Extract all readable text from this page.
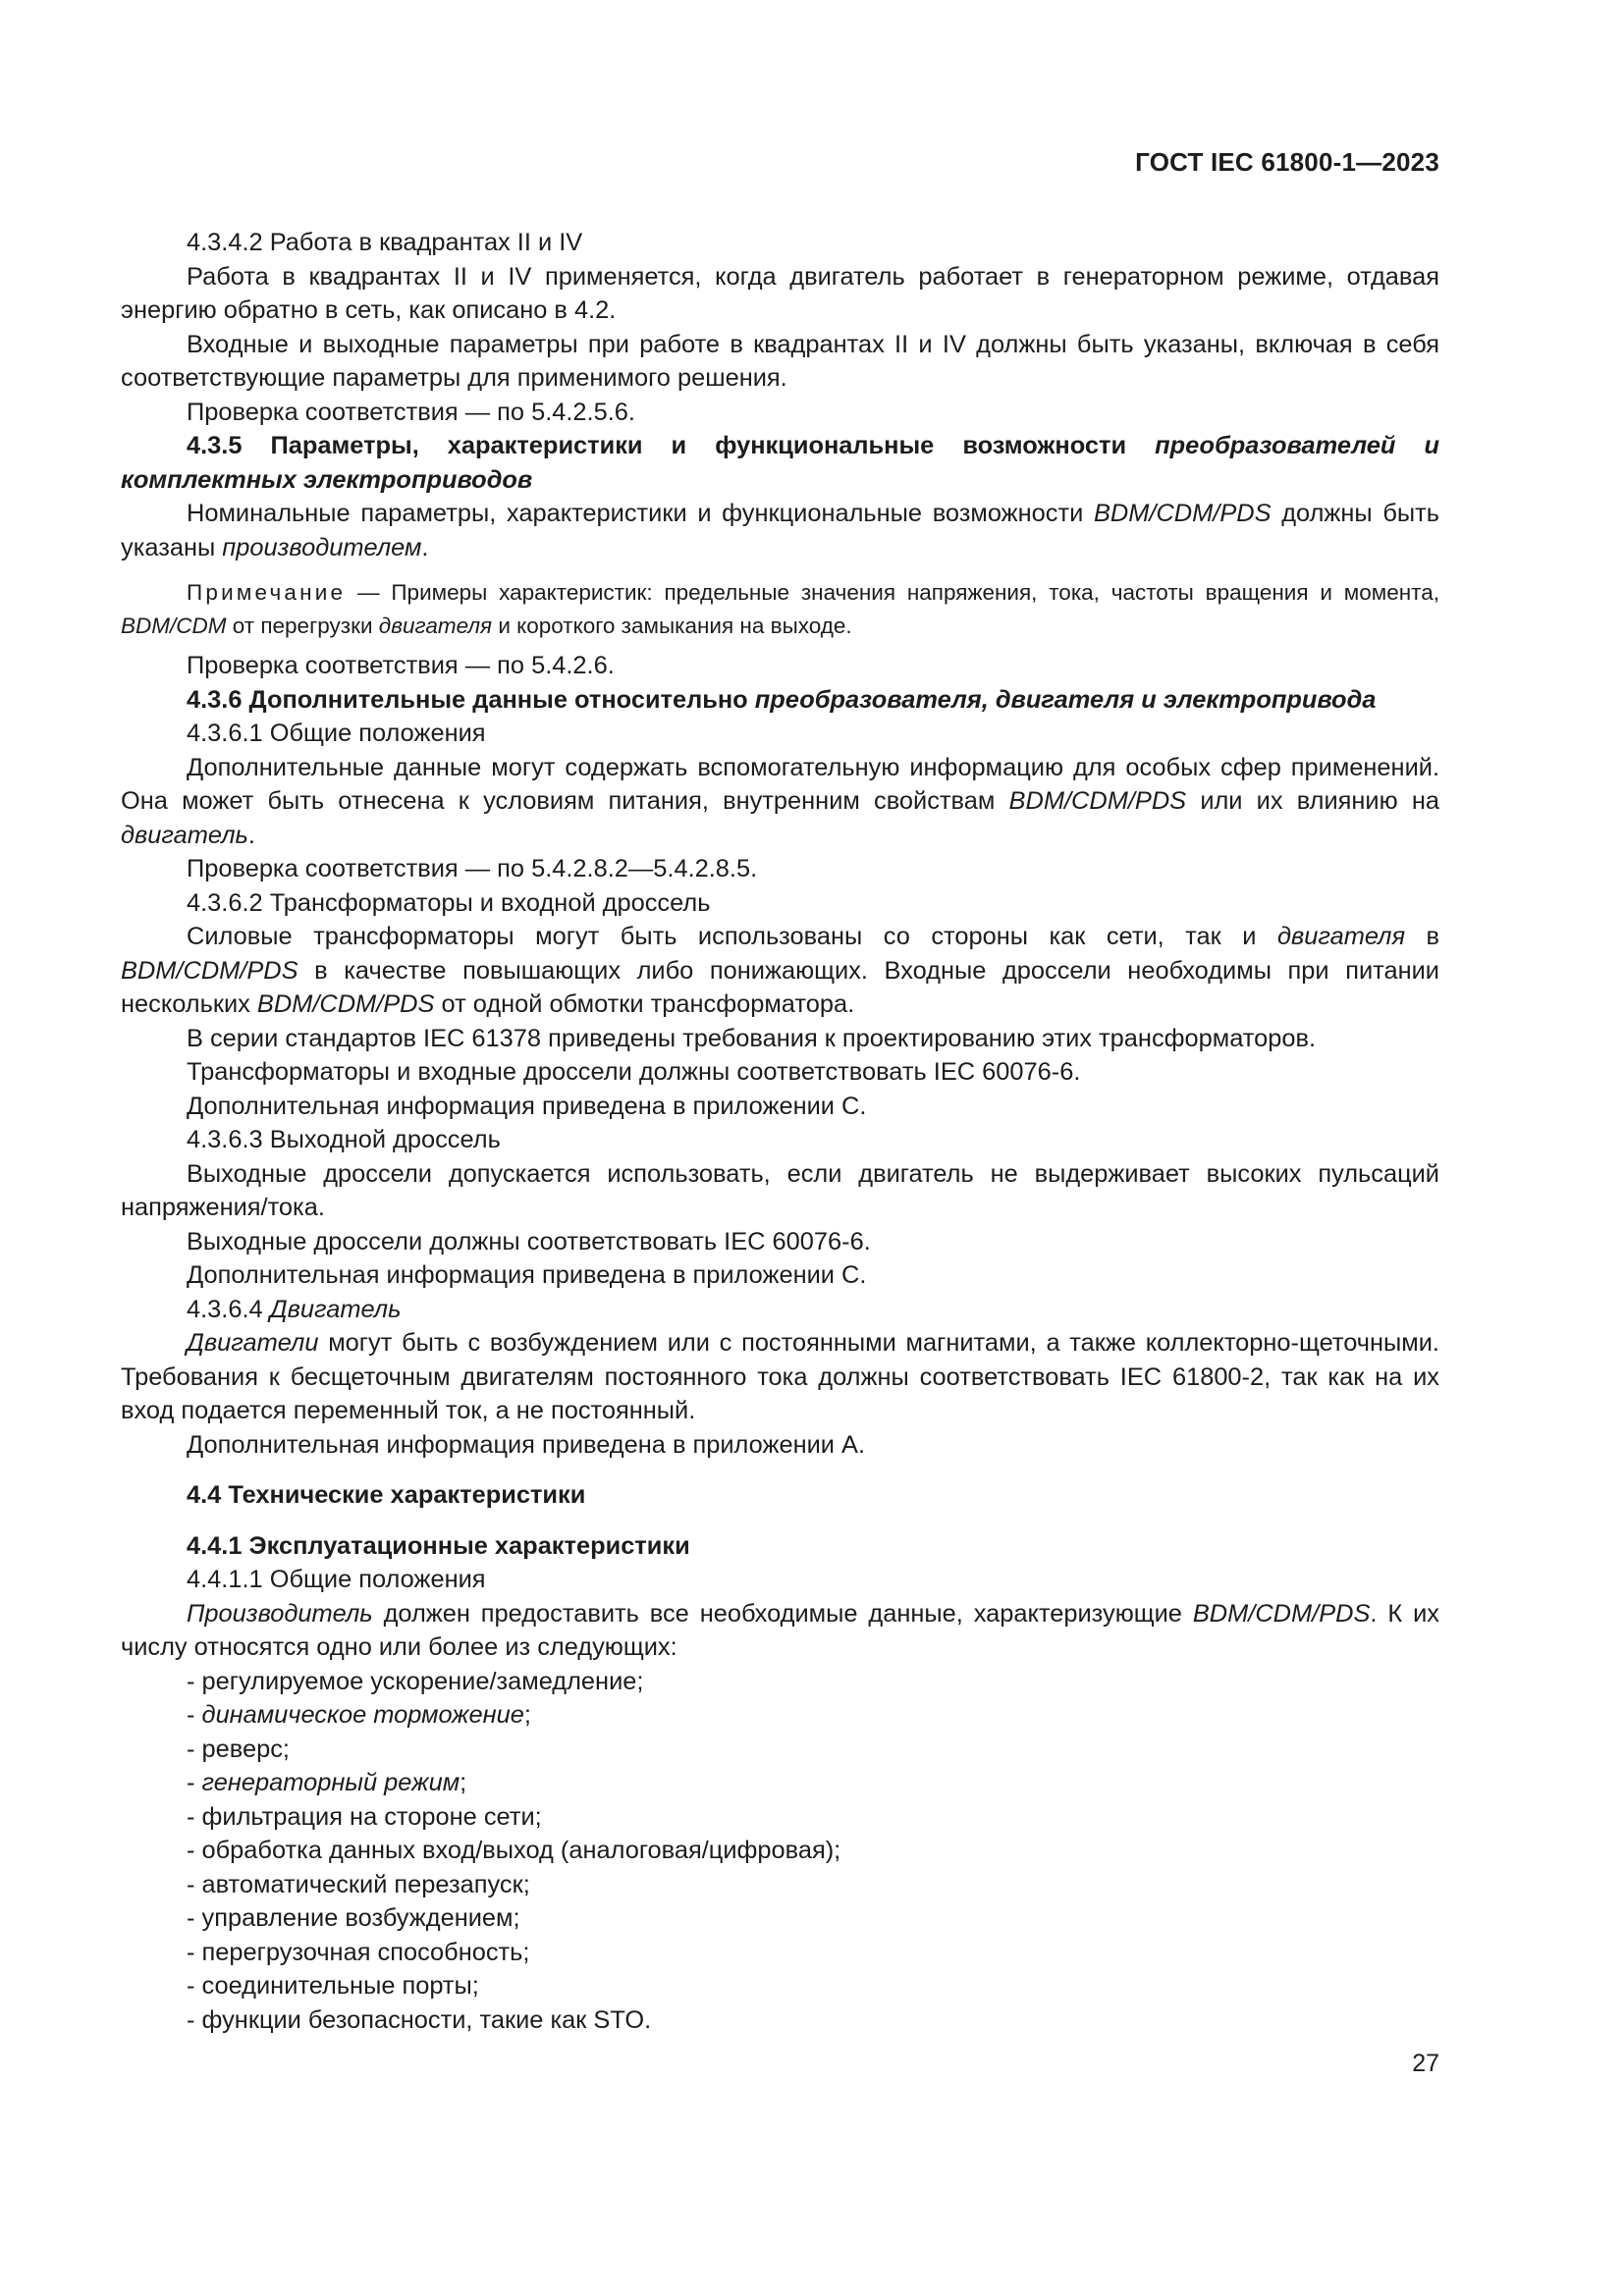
ГОСТ IEC 61800-1—2023

4.3.4.2 Работа в квадрантах II и IV

Работа в квадрантах II и IV применяется, когда двигатель работает в генераторном режиме, отдавая энергию обратно в сеть, как описано в 4.2.

Входные и выходные параметры при работе в квадрантах II и IV должны быть указаны, включая в себя соответствующие параметры для применимого решения.

Проверка соответствия — по 5.4.2.5.6.

4.3.5 Параметры, характеристики и функциональные возможности преобразователей и комплектных электроприводов

Номинальные параметры, характеристики и функциональные возможности BDM/CDM/PDS должны быть указаны производителем.

Примечание — Примеры характеристик: предельные значения напряжения, тока, частоты вращения и момента, BDM/CDM от перегрузки двигателя и короткого замыкания на выходе.

Проверка соответствия — по 5.4.2.6.

4.3.6 Дополнительные данные относительно преобразователя, двигателя и электропривода

4.3.6.1 Общие положения

Дополнительные данные могут содержать вспомогательную информацию для особых сфер применений. Она может быть отнесена к условиям питания, внутренним свойствам BDM/CDM/PDS или их влиянию на двигатель.

Проверка соответствия — по 5.4.2.8.2—5.4.2.8.5.

4.3.6.2 Трансформаторы и входной дроссель

Силовые трансформаторы могут быть использованы со стороны как сети, так и двигателя в BDM/CDM/PDS в качестве повышающих либо понижающих. Входные дроссели необходимы при питании нескольких BDM/CDM/PDS от одной обмотки трансформатора.

В серии стандартов IEC 61378 приведены требования к проектированию этих трансформаторов.

Трансформаторы и входные дроссели должны соответствовать IEC 60076-6.

Дополнительная информация приведена в приложении С.

4.3.6.3 Выходной дроссель

Выходные дроссели допускается использовать, если двигатель не выдерживает высоких пульсаций напряжения/тока.

Выходные дроссели должны соответствовать IEC 60076-6.

Дополнительная информация приведена в приложении С.

4.3.6.4 Двигатель

Двигатели могут быть с возбуждением или с постоянными магнитами, а также коллекторно-щеточными. Требования к бесщеточным двигателям постоянного тока должны соответствовать IEC 61800-2, так как на их вход подается переменный ток, а не постоянный.

Дополнительная информация приведена в приложении А.

4.4 Технические характеристики

4.4.1 Эксплуатационные характеристики

4.4.1.1 Общие положения

Производитель должен предоставить все необходимые данные, характеризующие BDM/CDM/PDS. К их числу относятся одно или более из следующих:

- регулируемое ускорение/замедление;
- динамическое торможение;
- реверс;
- генераторный режим;
- фильтрация на стороне сети;
- обработка данных вход/выход (аналоговая/цифровая);
- автоматический перезапуск;
- управление возбуждением;
- перегрузочная способность;
- соединительные порты;
- функции безопасности, такие как STO.
27
